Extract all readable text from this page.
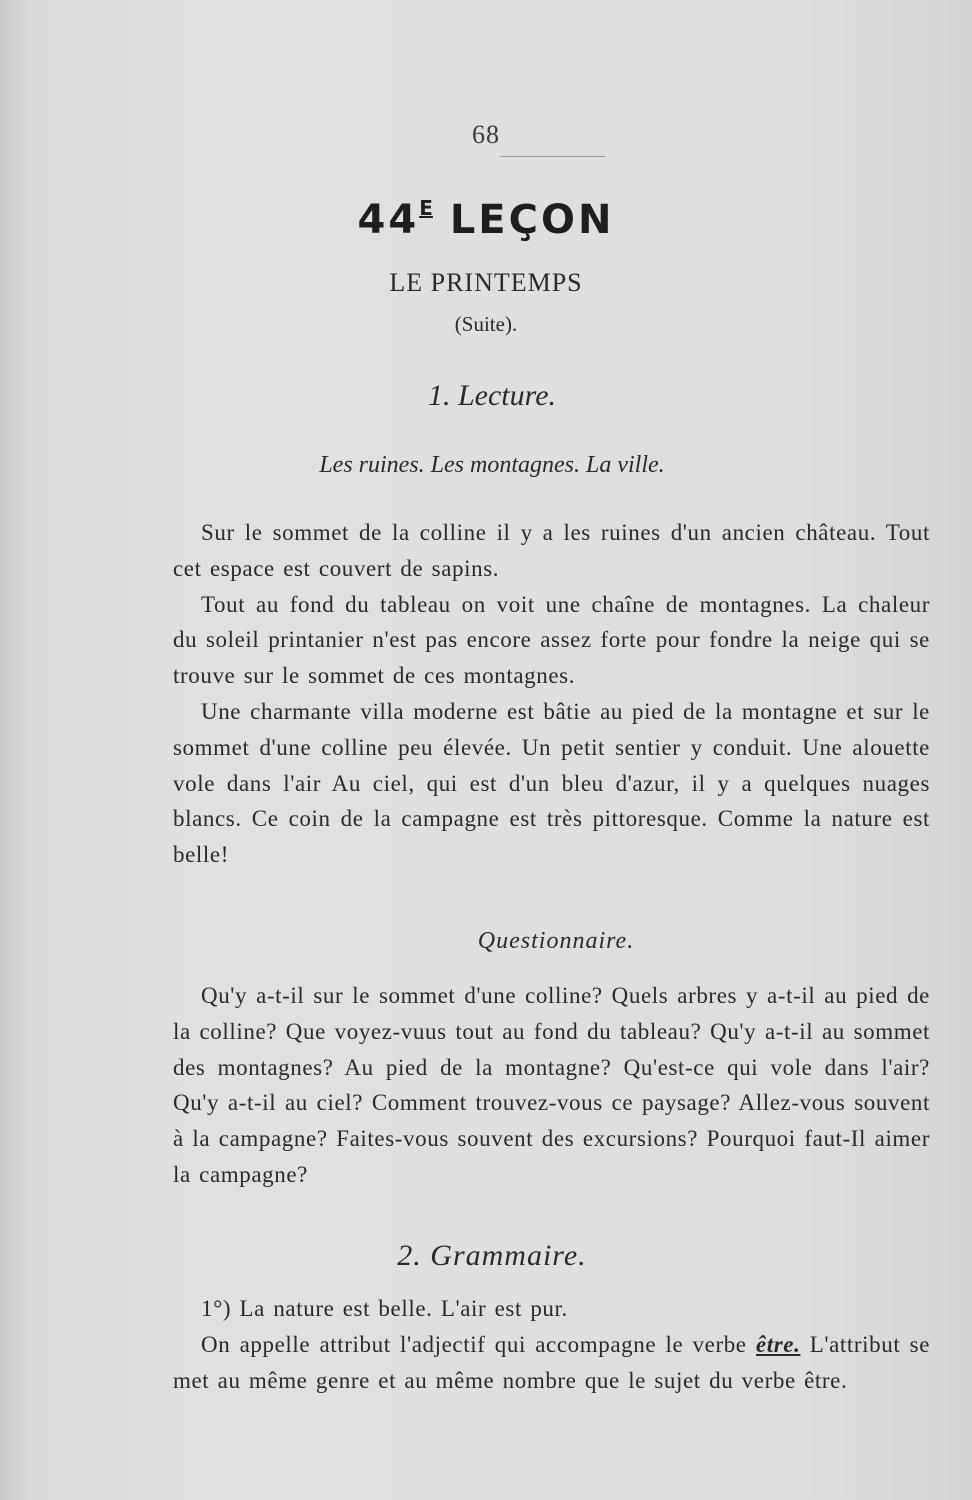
68
$44^E$ LEÇON
LE PRINTEMPS
(Suite).
1. Lecture.
Les ruines. Les montagnes. La ville.

Sur le sommet de la colline il y a les ruines d'un ancien château. Tout cet espace est couvert de sapins.

Tout au fond du tableau on voit une chaîne de montagnes. La chaleur du soleil printanier n'est pas encore assez forte pour fondre la neige qui se trouve sur le sommet de ces montagnes.

Une charmante villa moderne est bâtie au pied de la montagne et sur le sommet d'une colline peu élevée. Un petit sentier y conduit. Une alouette vole dans l'air Au ciel, qui est d'un bleu d'azur, il y a quelques nuages blancs. Ce coin de la campagne est très pittoresque. Comme la nature est belle!

Questionnaire.

Qu'y a-t-il sur le sommet d'une colline? Quels arbres y a-t-il au pied de la colline? Que voyez-vuus tout au fond du tableau? Qu'y a-t-il au sommet des montagnes? Au pied de la montagne? Qu'est-ce qui vole dans l'air? Qu'y a-t-il au ciel? Comment trouvez-vous ce paysage? Allez-vous souvent à la campagne? Faites-vous souvent des excursions? Pourquoi faut-Il aimer la campagne?

2. Grammaire.

1°) La nature est belle. L'air est pur.

On appelle attribut l'adjectif qui accompagne le verbe être. L'attribut se met au même genre et au même nombre que le sujet du verbe être.
